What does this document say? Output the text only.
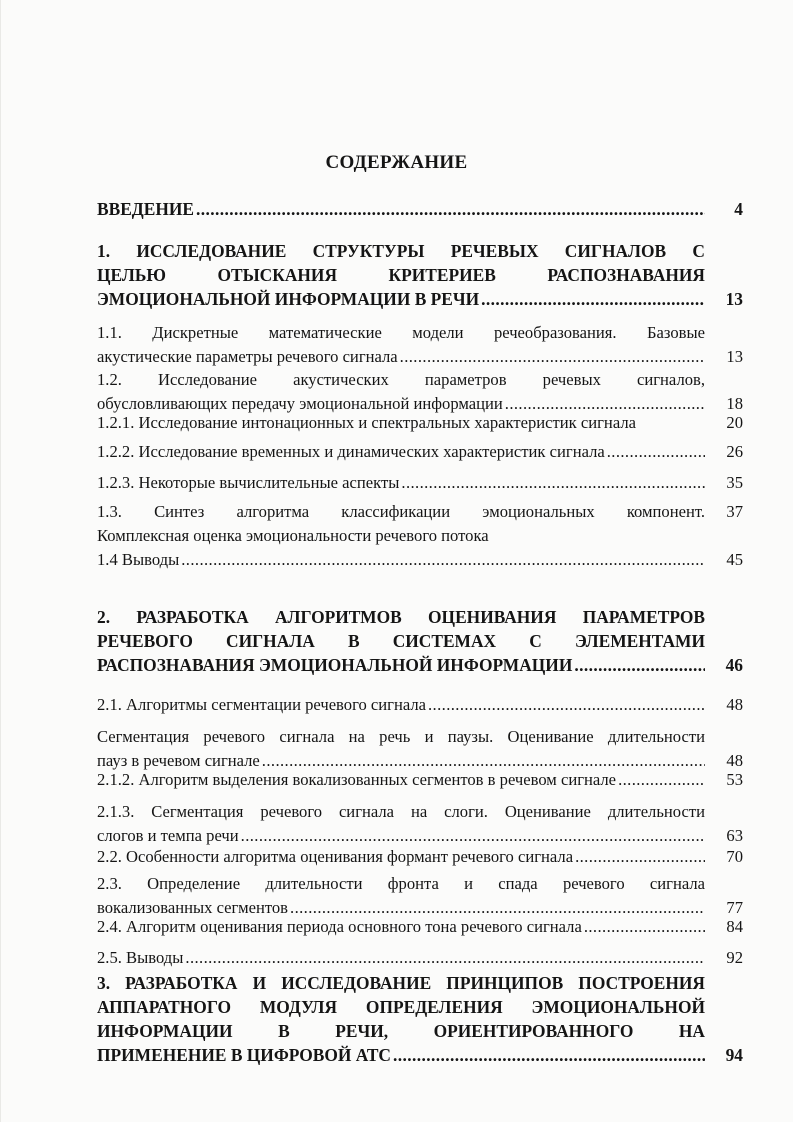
СОДЕРЖАНИЕ
ВВЕДЕНИЕ .....	4
1. ИССЛЕДОВАНИЕ СТРУКТУРЫ РЕЧЕВЫХ СИГНАЛОВ С
ЦЕЛЬЮ ОТЫСКАНИЯ КРИТЕРИЕВ РАСПОЗНАВАНИЯ
ЭМОЦИОНАЛЬНОЙ ИНФОРМАЦИИ В РЕЧИ .....	13
1.1. Дискретные математические модели речеобразования. Базовые
акустические параметры речевого сигнала .....	13
1.2. Исследование акустических параметров речевых сигналов,
обусловливающих передачу эмоциональной информации .....	18
1.2.1. Исследование интонационных и спектральных характеристик сигнала	20
1.2.2. Исследование временных и динамических характеристик сигнала .....	26
1.2.3. Некоторые вычислительные аспекты .....	35
1.3. Синтез алгоритма классификации эмоциональных компонент.	37
Комплексная оценка эмоциональности речевого потока
1.4 Выводы .....	45
2. РАЗРАБОТКА АЛГОРИТМОВ ОЦЕНИВАНИЯ ПАРАМЕТРОВ
РЕЧЕВОГО СИГНАЛА В СИСТЕМАХ С ЭЛЕМЕНТАМИ
РАСПОЗНАВАНИЯ ЭМОЦИОНАЛЬНОЙ ИНФОРМАЦИИ .....	46
2.1. Алгоритмы сегментации речевого сигнала .....	48
Сегментация речевого сигнала на речь и паузы. Оценивание длительности
пауз в речевом сигнале .....	48
2.1.2. Алгоритм выделения вокализованных сегментов в речевом сигнале .....	53
2.1.3. Сегментация речевого сигнала на слоги. Оценивание длительности
слогов и темпа речи .....	63
2.2. Особенности алгоритма оценивания формант речевого сигнала .....	70
2.3. Определение длительности фронта и спада речевого сигнала
вокализованных сегментов .....	77
2.4. Алгоритм оценивания периода основного тона речевого сигнала .....	84
2.5. Выводы .....	92
3. РАЗРАБОТКА И ИССЛЕДОВАНИЕ ПРИНЦИПОВ ПОСТРОЕНИЯ
АППАРАТНОГО МОДУЛЯ ОПРЕДЕЛЕНИЯ ЭМОЦИОНАЛЬНОЙ
ИНФОРМАЦИИ В РЕЧИ, ОРИЕНТИРОВАННОГО НА
ПРИМЕНЕНИЕ В ЦИФРОВОЙ АТС .....	94
